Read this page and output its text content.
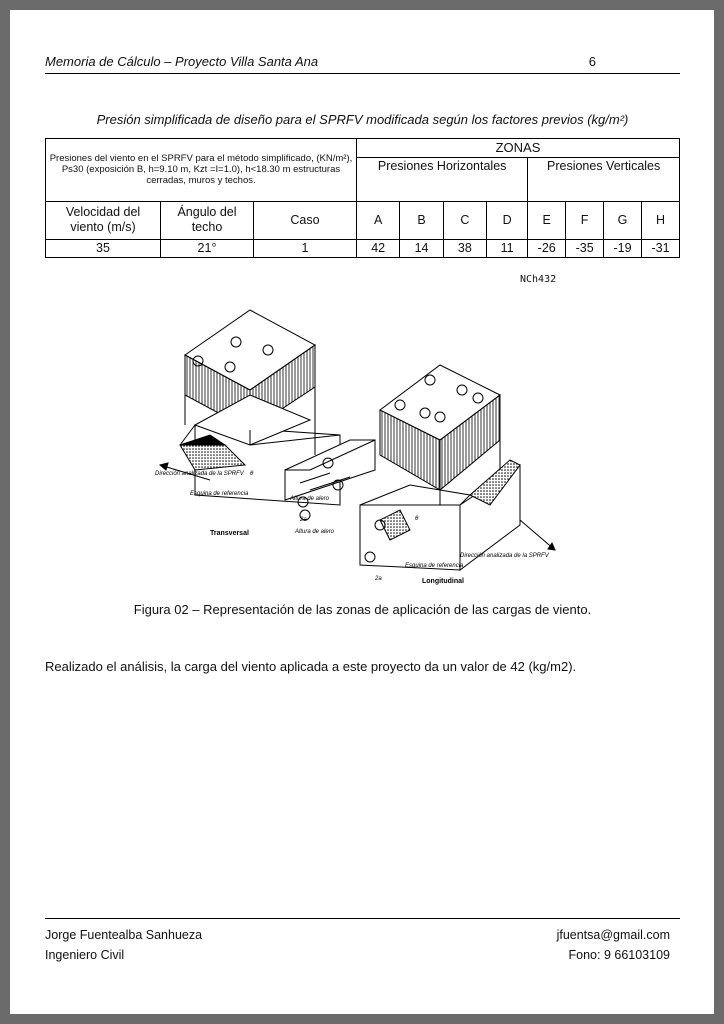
Memoria de Cálculo – Proyecto Villa Santa Ana	6
Presión simplificada de diseño para el SPRFV modificada según los factores previos (kg/m²)
Presiones del viento en el SPRFV para el método simplificado, (KN/m²), Ps30 (exposición B, h=9.10 m, Kzt =I=1.0), h<18.30 m estructuras cerradas, muros y techos.			ZONAS							
			Presiones Horizontales				Presiones Verticales			
Velocidad del viento (m/s)	Ángulo del techo	Caso	A	B	C	D	E	F	G	H
35	21°	1	42	14	38	11	-26	-35	-19	-31
NCh432
Dirección analizada de la SPRFV
Esquina de referencia
Altura de alero
Altura de alero
Dirección analizada de la SPRFV
Esquina de referencia
θ
θ
2a
2a
Transversal
Longitudinal
Figura 02 – Representación de las zonas de aplicación de las cargas de viento.
Realizado el análisis, la carga del viento aplicada a este proyecto da un valor de 42 (kg/m2).
Jorge Fuentealba Sanhueza
Ingeniero Civil
jfuentsa@gmail.com
Fono: 9 66103109
